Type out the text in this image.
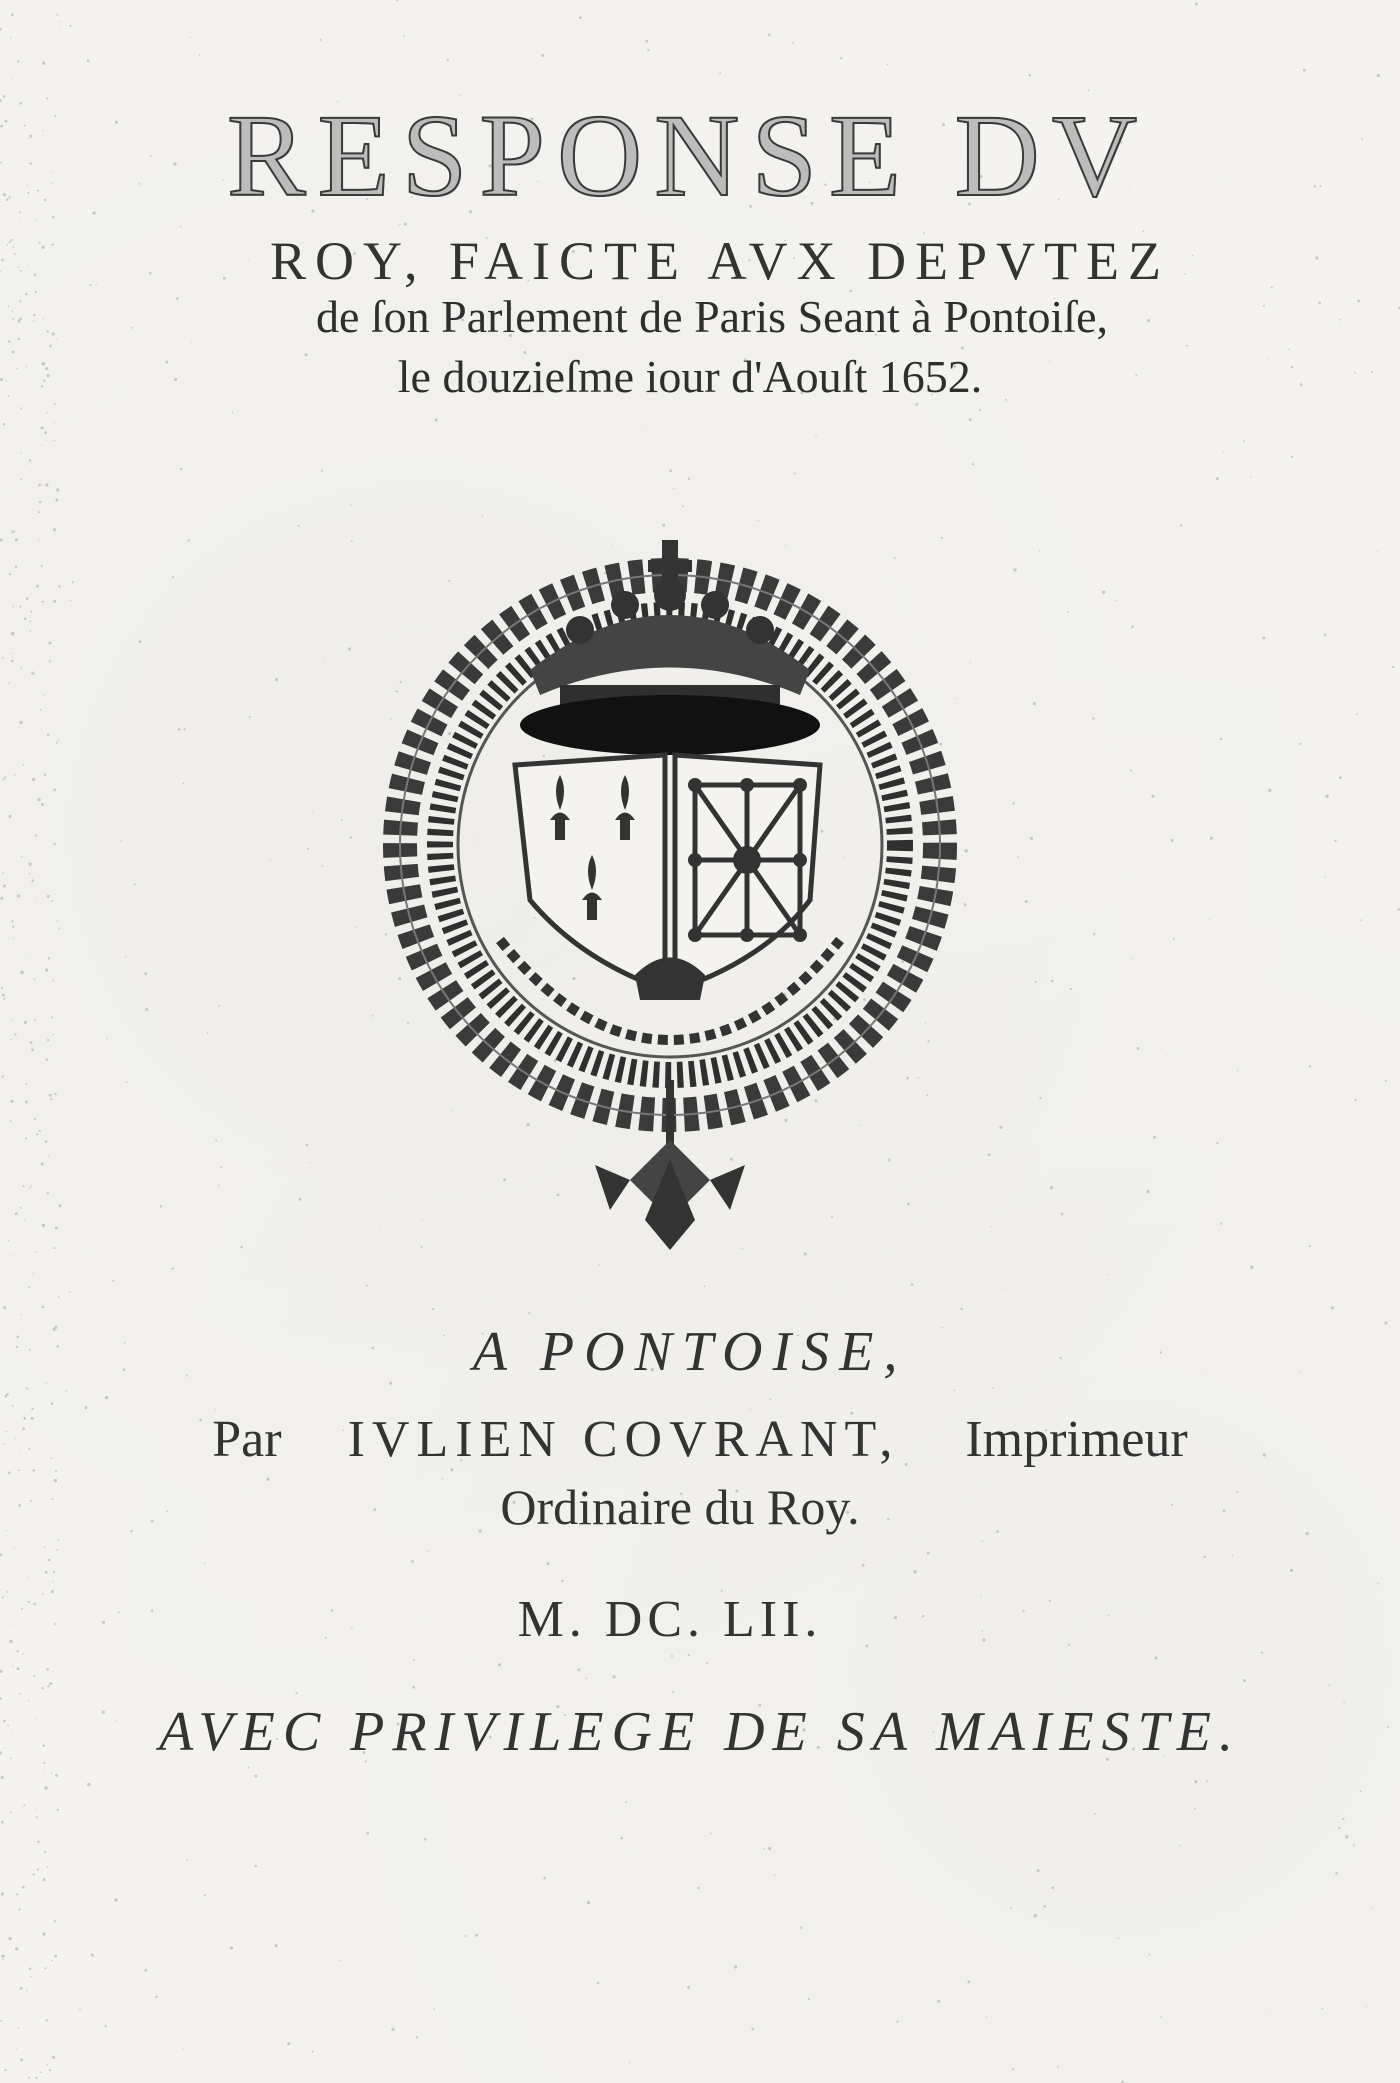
RESPONSE DV
ROY, FAICTE AVX DEPVTEZ
de ſon Parlement de Paris Seant à Pontoiſe,
le douzieſme iour d'Aouſt 1652.
A PONTOISE,
Par IVLIEN COVRANT, Imprimeur
Ordinaire du Roy.
M. DC. LII.
AVEC PRIVILEGE DE SA MAIESTE.
